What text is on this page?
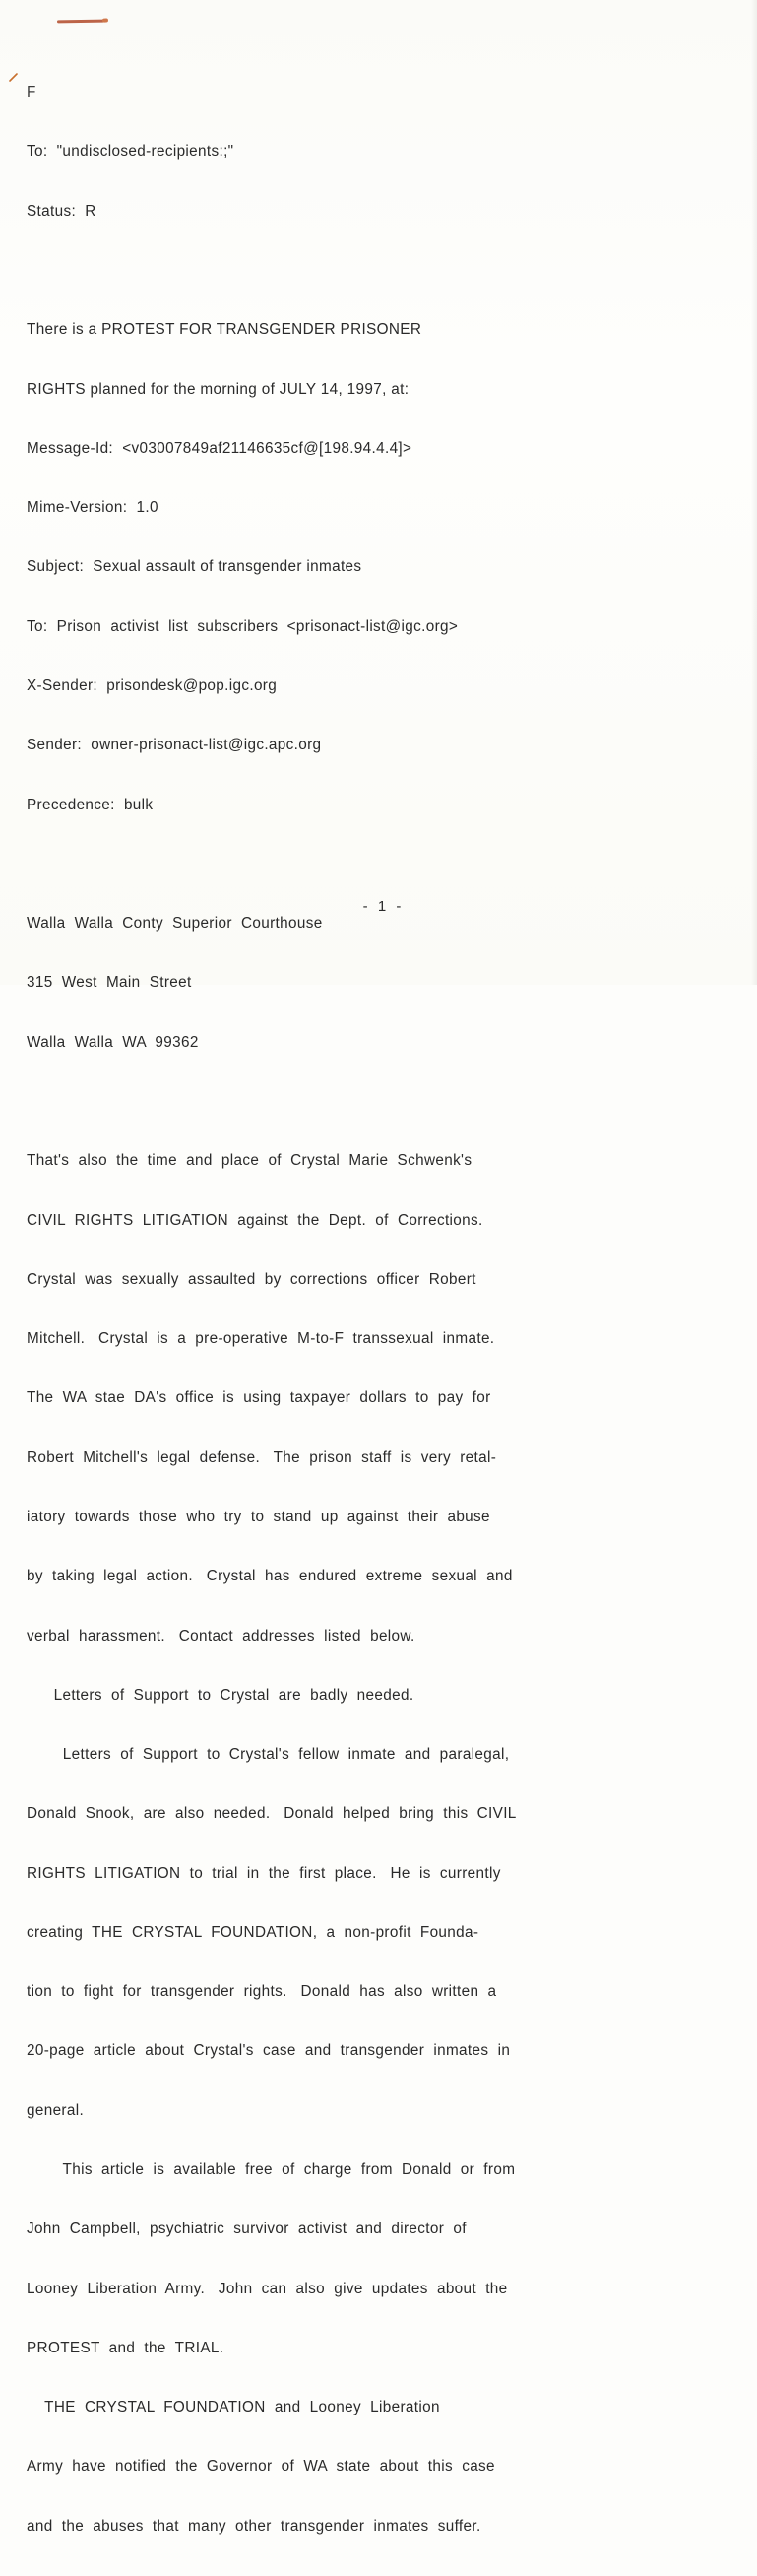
F

To:  "undisclosed-recipients:;"

Status:  R

There is a PROTEST FOR TRANSGENDER PRISONER

RIGHTS planned for the morning of JULY 14, 1997, at:

Message-Id:  <v03007849af21146635cf@[198.94.4.4]>

Mime-Version:  1.0

Subject:  Sexual assault of transgender inmates

To:  Prison  activist  list  subscribers  <prisonact-list@igc.org>

X-Sender:  prisondesk@pop.igc.org

Sender:  owner-prisonact-list@igc.apc.org

Precedence:  bulk

Walla  Walla  Conty  Superior  Courthouse

315  West  Main  Street

Walla  Walla  WA  99362

That's  also  the  time  and  place  of  Crystal  Marie  Schwenk's

CIVIL  RIGHTS  LITIGATION  against  the  Dept.  of  Corrections.

Crystal  was  sexually  assaulted  by  corrections  officer  Robert

Mitchell.   Crystal  is  a  pre-operative  M-to-F  transsexual  inmate.

The  WA  stae  DA's  office  is  using  taxpayer  dollars  to  pay  for

Robert  Mitchell's  legal  defense.   The  prison  staff  is  very  retal-

iatory  towards  those  who  try  to  stand  up  against  their  abuse

by  taking  legal  action.   Crystal  has  endured  extreme  sexual  and

verbal  harassment.   Contact  addresses  listed  below.

Letters  of  Support  to  Crystal  are  badly  needed.

Letters  of  Support  to  Crystal's  fellow  inmate  and  paralegal,

Donald  Snook,  are  also  needed.   Donald  helped  bring  this  CIVIL

RIGHTS  LITIGATION  to  trial  in  the  first  place.   He  is  currently

creating  THE  CRYSTAL  FOUNDATION,  a  non-profit  Founda-

tion  to  fight  for  transgender  rights.   Donald  has  also  written  a

20-page  article  about  Crystal's  case  and  transgender  inmates  in

general.

This  article  is  available  free  of  charge  from  Donald  or  from

John  Campbell,  psychiatric  survivor  activist  and  director  of

Looney  Liberation  Army.   John  can  also  give  updates  about  the

PROTEST  and  the  TRIAL.

THE  CRYSTAL  FOUNDATION  and  Looney  Liberation

Army  have  notified  the  Governor  of  WA  state  about  this  case

and  the  abuses  that  many  other  transgender  inmates  suffer.

- 1 -
